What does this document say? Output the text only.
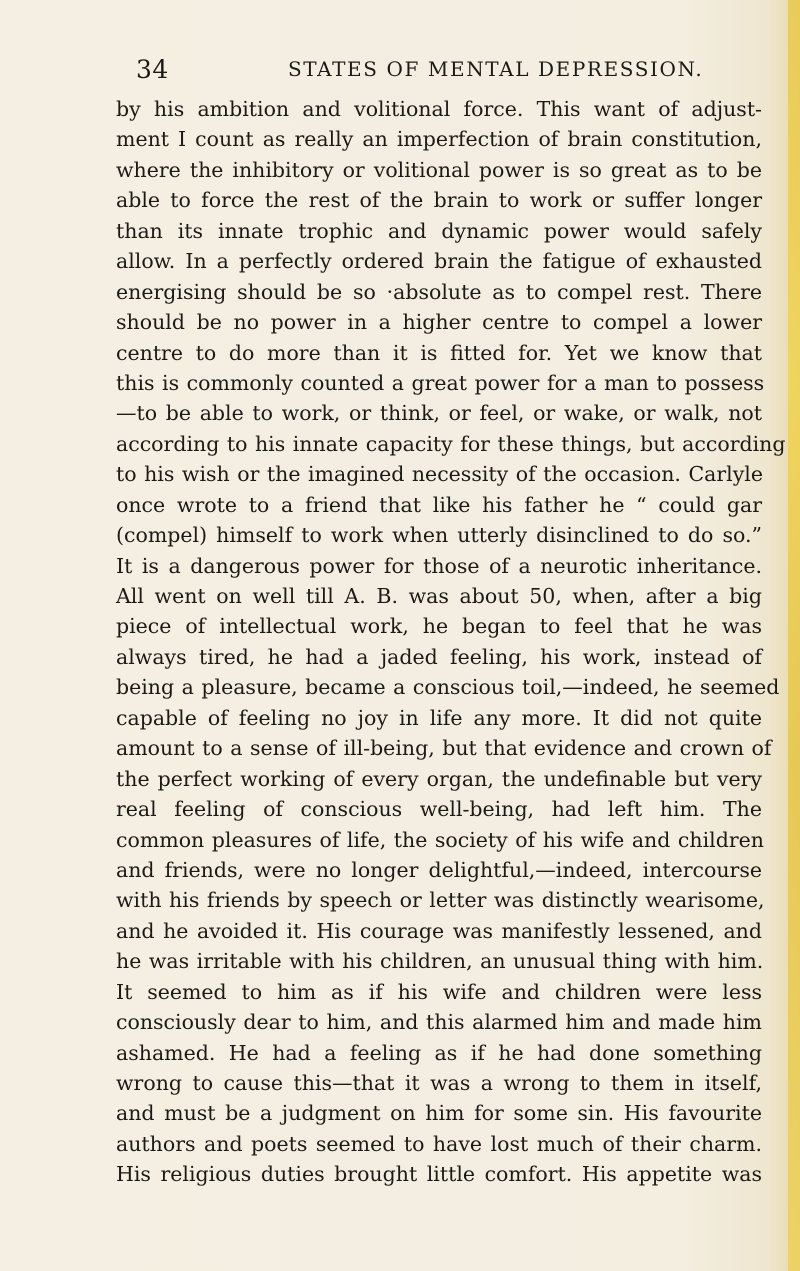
34	STATES OF MENTAL DEPRESSION.
by his ambition and volitional force. This want of adjust-
ment I count as really an imperfection of brain constitution,
where the inhibitory or volitional power is so great as to be
able to force the rest of the brain to work or suffer longer
than its innate trophic and dynamic power would safely
allow. In a perfectly ordered brain the fatigue of exhausted
energising should be so ·absolute as to compel rest. There
should be no power in a higher centre to compel a lower
centre to do more than it is fitted for. Yet we know that
this is commonly counted a great power for a man to possess
—to be able to work, or think, or feel, or wake, or walk, not
according to his innate capacity for these things, but according
to his wish or the imagined necessity of the occasion. Carlyle
once wrote to a friend that like his father he “ could gar
(compel) himself to work when utterly disinclined to do so.”
It is a dangerous power for those of a neurotic inheritance.
All went on well till A. B. was about 50, when, after a big
piece of intellectual work, he began to feel that he was
always tired, he had a jaded feeling, his work, instead of
being a pleasure, became a conscious toil,—indeed, he seemed
capable of feeling no joy in life any more. It did not quite
amount to a sense of ill-being, but that evidence and crown of
the perfect working of every organ, the undefinable but very
real feeling of conscious well-being, had left him. The
common pleasures of life, the society of his wife and children
and friends, were no longer delightful,—indeed, intercourse
with his friends by speech or letter was distinctly wearisome,
and he avoided it. His courage was manifestly lessened, and
he was irritable with his children, an unusual thing with him.
It seemed to him as if his wife and children were less
consciously dear to him, and this alarmed him and made him
ashamed. He had a feeling as if he had done something
wrong to cause this—that it was a wrong to them in itself,
and must be a judgment on him for some sin. His favourite
authors and poets seemed to have lost much of their charm.
His religious duties brought little comfort. His appetite was
